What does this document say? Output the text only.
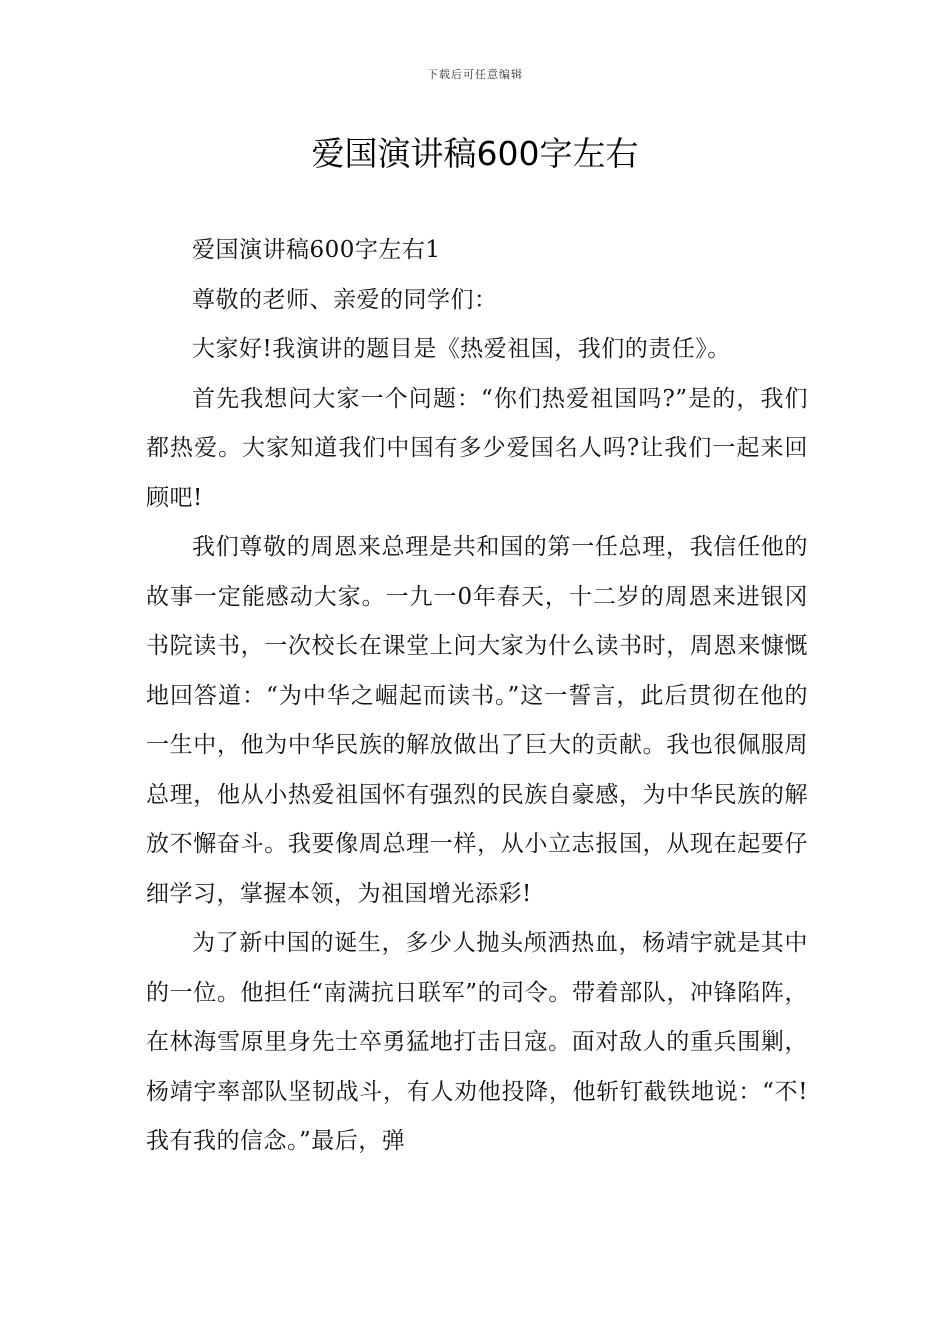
下载后可任意编辑
爱国演讲稿600字左右

爱国演讲稿600字左右1

尊敬的老师、亲爱的同学们：

大家好!我演讲的题目是《热爱祖国，我们的责任》。

首先我想问大家一个问题：“你们热爱祖国吗?”是的，我们都热爱。大家知道我们中国有多少爱国名人吗?让我们一起来回顾吧!

我们尊敬的周恩来总理是共和国的第一任总理，我信任他的故事一定能感动大家。一九一0年春天，十二岁的周恩来进银冈书院读书，一次校长在课堂上问大家为什么读书时，周恩来慷慨地回答道：“为中华之崛起而读书。”这一誓言，此后贯彻在他的一生中，他为中华民族的解放做出了巨大的贡献。我也很佩服周总理，他从小热爱祖国怀有强烈的民族自豪感，为中华民族的解放不懈奋斗。我要像周总理一样，从小立志报国，从现在起要仔细学习，掌握本领，为祖国增光添彩!

为了新中国的诞生，多少人抛头颅洒热血，杨靖宇就是其中的一位。他担任“南满抗日联军”的司令。带着部队，冲锋陷阵，在林海雪原里身先士卒勇猛地打击日寇。面对敌人的重兵围剿，杨靖宇率部队坚韧战斗，有人劝他投降，他斩钉截铁地说：“不!我有我的信念。”最后，弹
